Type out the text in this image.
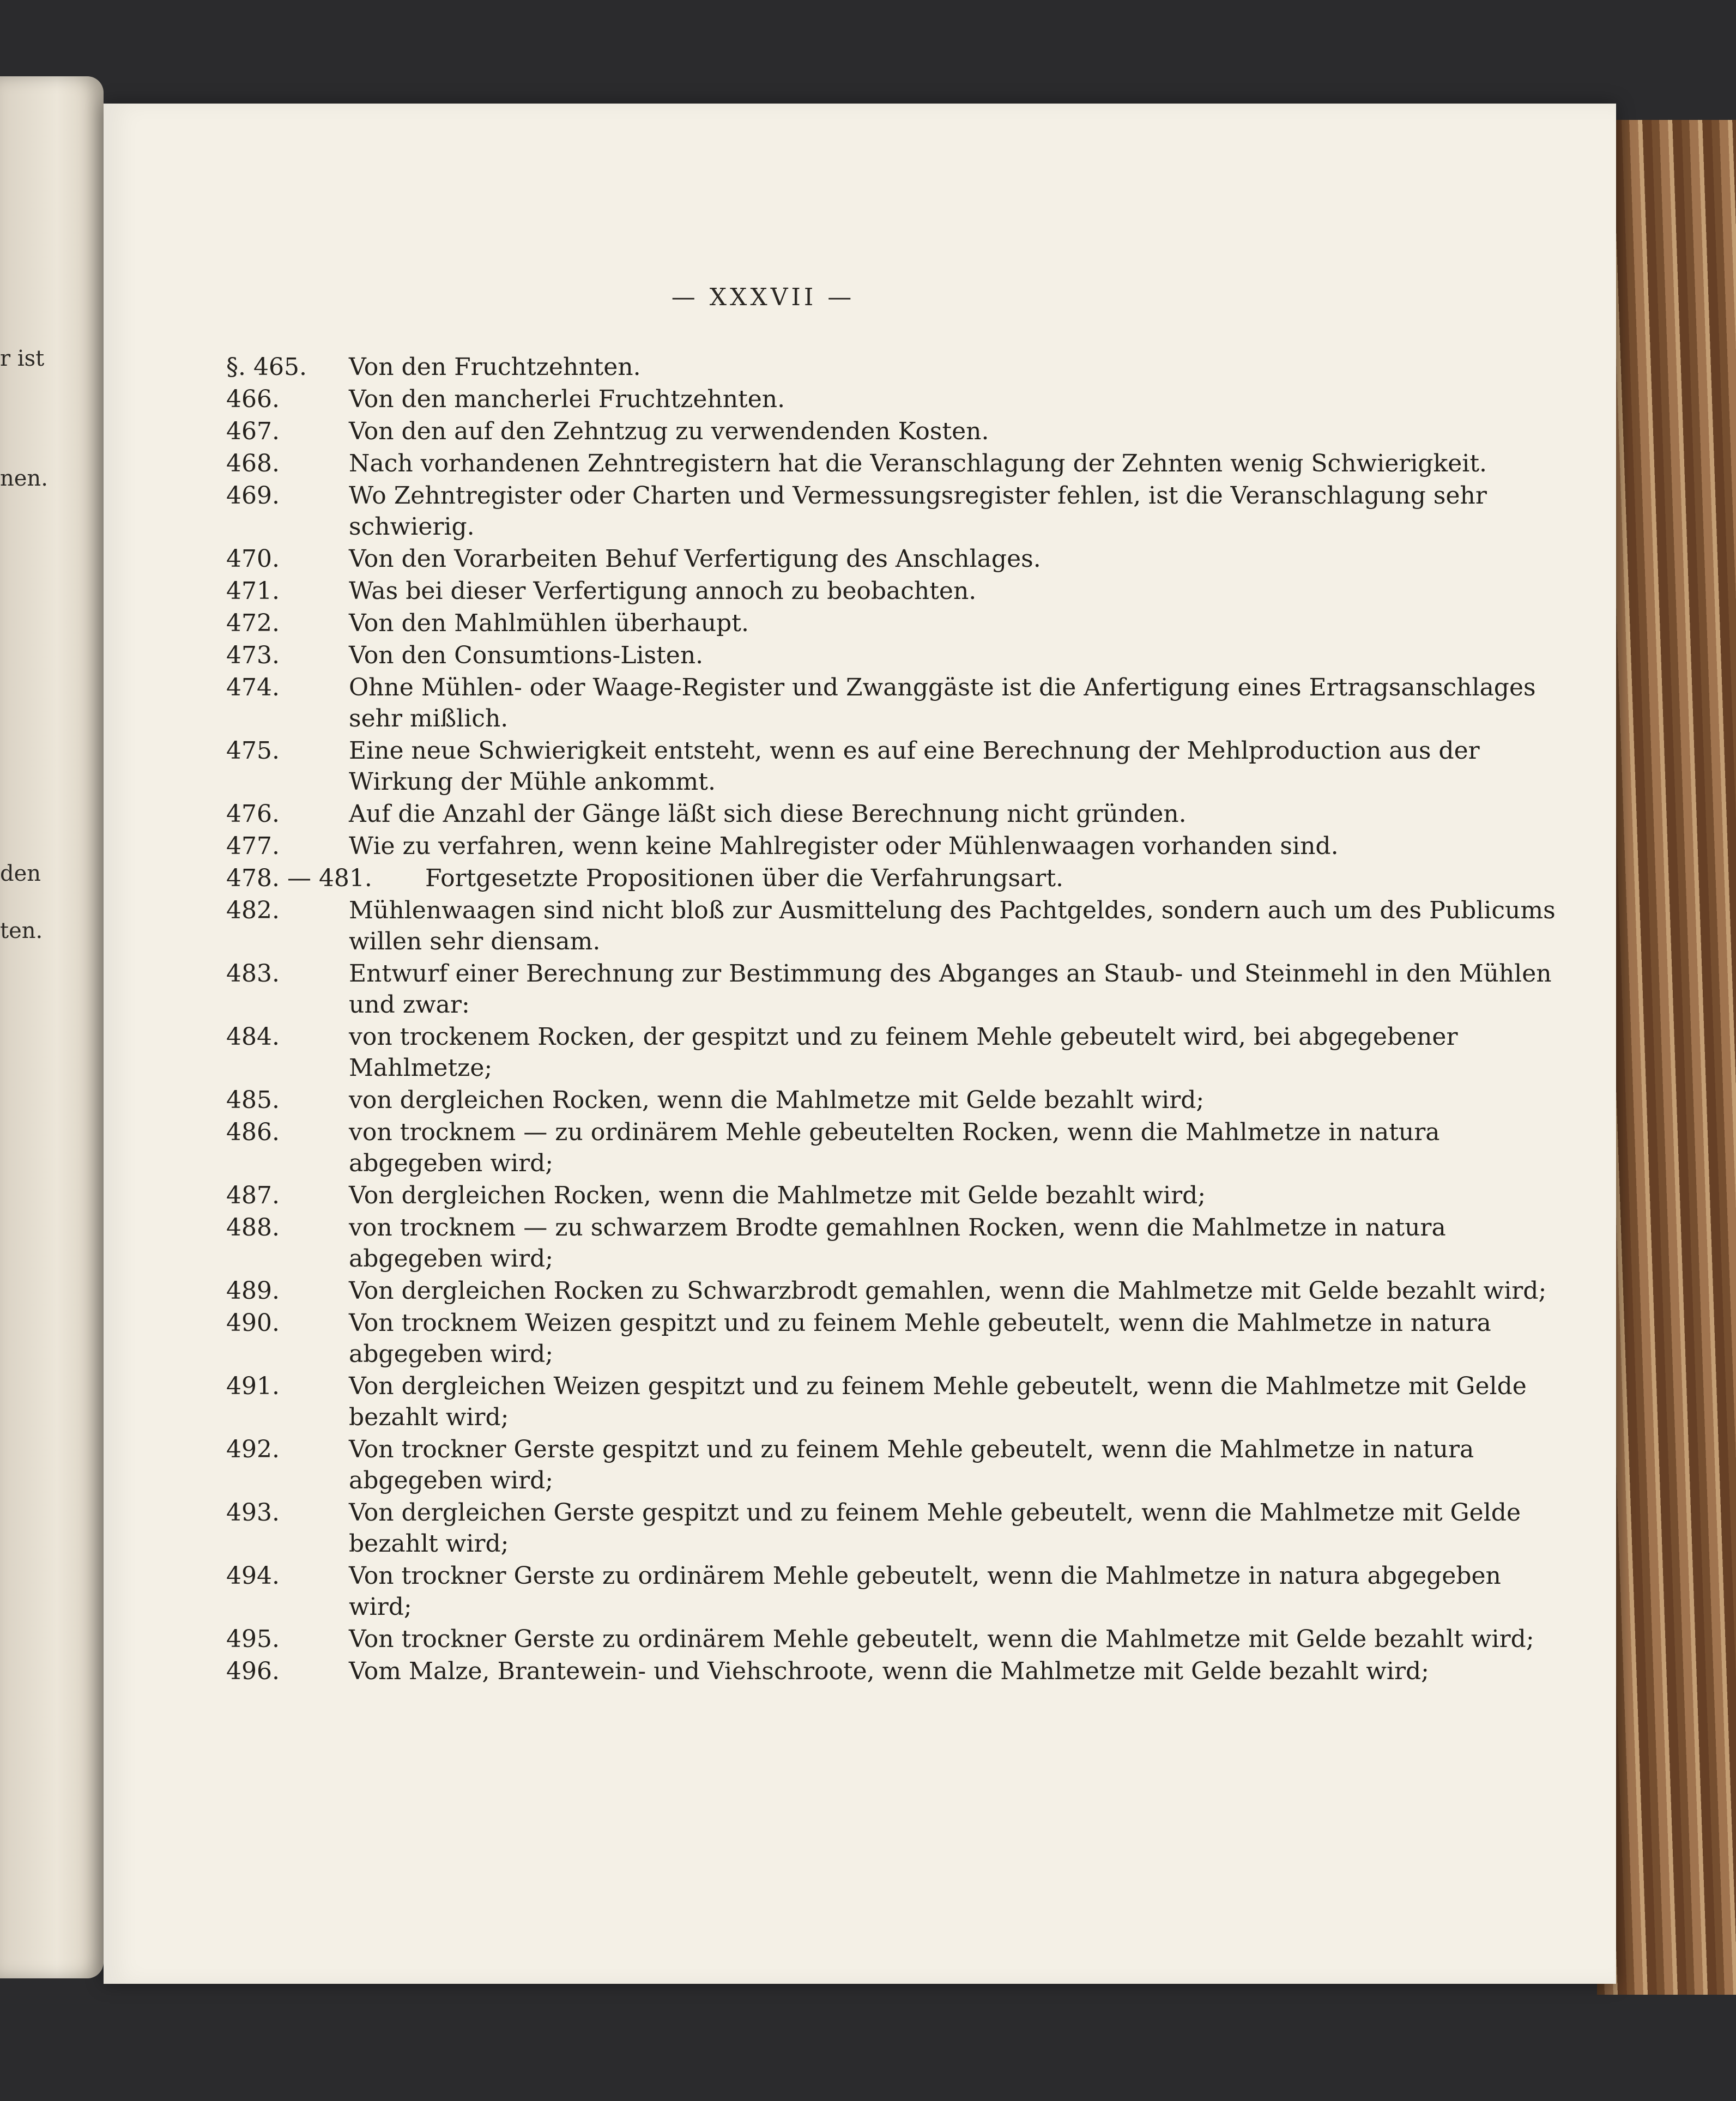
r ist
nen.
den
ten.
— XXXVII —
§. 465.	Von den Fruchtzehnten.
466.	Von den mancherlei Fruchtzehnten.
467.	Von den auf den Zehntzug zu verwendenden Kosten.
468.	Nach vorhandenen Zehntregistern hat die Veranschlagung der Zehnten wenig Schwierigkeit.
469.	Wo Zehntregister oder Charten und Vermessungsregister fehlen, ist die Veranschlagung sehr schwierig.
470.	Von den Vorarbeiten Behuf Verfertigung des Anschlages.
471.	Was bei dieser Verfertigung annoch zu beobachten.
472.	Von den Mahlmühlen überhaupt.
473.	Von den Consumtions-Listen.
474.	Ohne Mühlen- oder Waage-Register und Zwanggäste ist die Anfertigung eines Ertragsanschlages sehr mißlich.
475.	Eine neue Schwierigkeit entsteht, wenn es auf eine Berechnung der Mehlproduction aus der Wirkung der Mühle ankommt.
476.	Auf die Anzahl der Gänge läßt sich diese Berechnung nicht gründen.
477.	Wie zu verfahren, wenn keine Mahlregister oder Mühlenwaagen vorhanden sind.
478. — 481.	Fortgesetzte Propositionen über die Verfahrungsart.
482.	Mühlenwaagen sind nicht bloß zur Ausmittelung des Pachtgeldes, sondern auch um des Publicums willen sehr diensam.
483.	Entwurf einer Berechnung zur Bestimmung des Abganges an Staub- und Steinmehl in den Mühlen und zwar:
484.	von trockenem Rocken, der gespitzt und zu feinem Mehle gebeutelt wird, bei abgegebener Mahlmetze;
485.	von dergleichen Rocken, wenn die Mahlmetze mit Gelde bezahlt wird;
486.	von trocknem — zu ordinärem Mehle gebeutelten Rocken, wenn die Mahlmetze in natura abgegeben wird;
487.	Von dergleichen Rocken, wenn die Mahlmetze mit Gelde bezahlt wird;
488.	von trocknem — zu schwarzem Brodte gemahlnen Rocken, wenn die Mahlmetze in natura abgegeben wird;
489.	Von dergleichen Rocken zu Schwarzbrodt gemahlen, wenn die Mahlmetze mit Gelde bezahlt wird;
490.	Von trocknem Weizen gespitzt und zu feinem Mehle gebeutelt, wenn die Mahlmetze in natura abgegeben wird;
491.	Von dergleichen Weizen gespitzt und zu feinem Mehle gebeutelt, wenn die Mahlmetze mit Gelde bezahlt wird;
492.	Von trockner Gerste gespitzt und zu feinem Mehle gebeutelt, wenn die Mahlmetze in natura abgegeben wird;
493.	Von dergleichen Gerste gespitzt und zu feinem Mehle gebeutelt, wenn die Mahlmetze mit Gelde bezahlt wird;
494.	Von trockner Gerste zu ordinärem Mehle gebeutelt, wenn die Mahlmetze in natura abgegeben wird;
495.	Von trockner Gerste zu ordinärem Mehle gebeutelt, wenn die Mahlmetze mit Gelde bezahlt wird;
496.	Vom Malze, Brantewein- und Viehschroote, wenn die Mahlmetze mit Gelde bezahlt wird;
